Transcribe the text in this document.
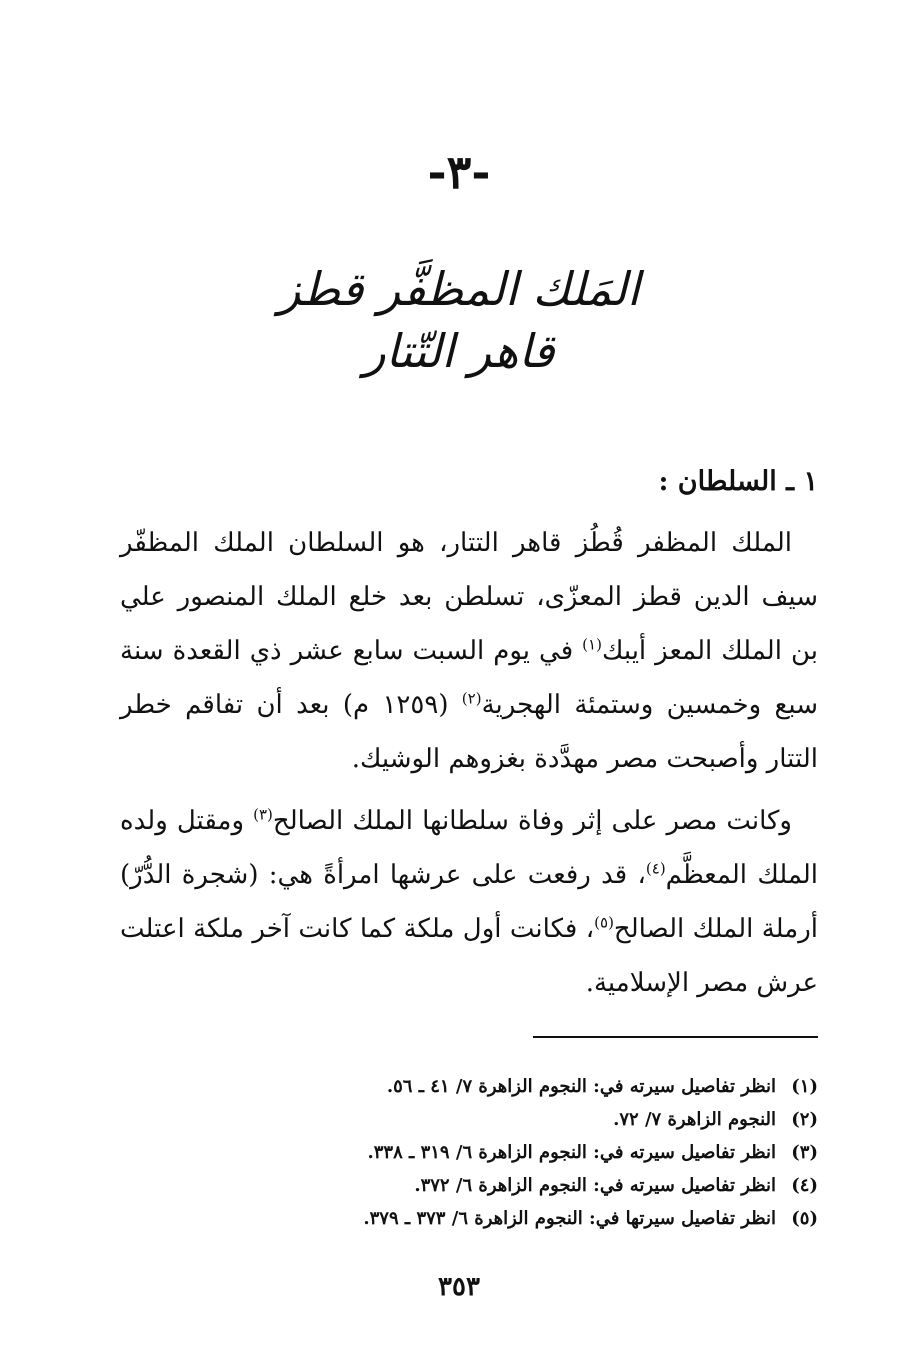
-٣-
المَلك المظفَّر قطز
قاهر التّتار
١ ـ السلطان :

الملك المظفر قُطُز قاهر التتار، هو السلطان الملك المظفّر سيف الدين قطز المعزّى، تسلطن بعد خلع الملك المنصور علي بن الملك المعز أيبك$^{(١)}$ في يوم السبت سابع عشر ذي القعدة سنة سبع وخمسين وستمئة الهجرية$^{(٢)}$ (١٢٥٩ م) بعد أن تفاقم خطر التتار وأصبحت مصر مهدَّدة بغزوهم الوشيك.

وكانت مصر على إثر وفاة سلطانها الملك الصالح$^{(٣)}$ ومقتل ولده الملك المعظَّم$^{(٤)}$، قد رفعت على عرشها امرأةً هي: (شجرة الدُّرّ) أرملة الملك الصالح$^{(٥)}$، فكانت أول ملكة كما كانت آخر ملكة اعتلت عرش مصر الإسلامية.

(١)انظر تفاصيل سيرته في: النجوم الزاهرة ٧/ ٤١ ـ ٥٦.
(٢)النجوم الزاهرة ٧/ ٧٢.
(٣)انظر تفاصيل سيرته في: النجوم الزاهرة ٦/ ٣١٩ ـ ٣٣٨.
(٤)انظر تفاصيل سيرته في: النجوم الزاهرة ٦/ ٣٧٢.
(٥)انظر تفاصيل سيرتها في: النجوم الزاهرة ٦/ ٣٧٣ ـ ٣٧٩.
٣٥٣
